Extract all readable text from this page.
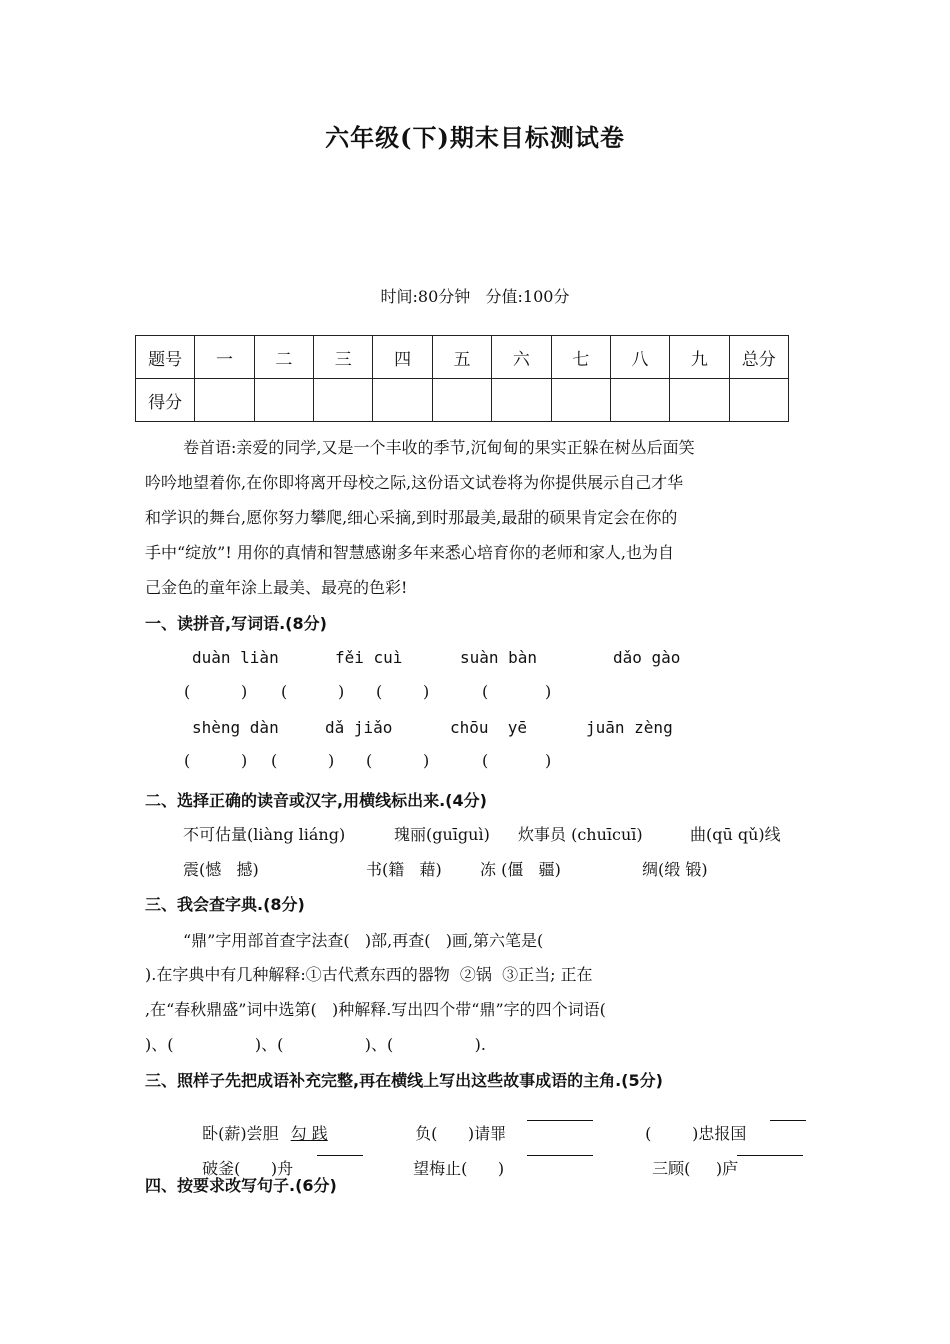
六年级(下)期末目标测试卷
时间:80分钟   分值:100分
题号	一	二	三	四	五	六	七	八	九	总分
得分										
卷首语:亲爱的同学,又是一个丰收的季节,沉甸甸的果实正躲在树丛后面笑
吟吟地望着你,在你即将离开母校之际,这份语文试卷将为你提供展示自己才华
和学识的舞台,愿你努力攀爬,细心采摘,到时那最美,最甜的硕果肯定会在你的
手中“绽放”! 用你的真情和智慧感谢多年来悉心培育你的老师和家人,也为自
己金色的童年涂上最美、最亮的色彩!
一、读拼音,写词语.(8分)
duàn liàn	fěi cuì	suàn bàn	dǎo gào
(	) (	) (	)	(	)
shèng dàn	dǎ jiǎo	chōu  yē	juān zèng
(	) (	) (	)	(	)
二、选择正确的读音或汉字,用横线标出来.(4分)
不可估量(liàng liáng)	瑰丽(guīguì) 炊事员 (chuīcuī)	曲(qū qǔ)线
震(憾   撼)	书(籍   藉) 冻 (僵   疆)	绸(缎 锻)
三、我会查字典.(8分)
“鼎”字用部首查字法查(   )部,再查(   )画,第六笔是(
).在字典中有几种解释:①古代煮东西的器物  ②锅  ③正当; 正在
,在“春秋鼎盛”词中选第(   )种解释.写出四个带“鼎”字的四个词语(
)、(                )、(                )、(                ).
三、照样子先把成语补充完整,再在横线上写出这些故事成语的主角.(5分)

卧(薪)尝胆 勾 践	负(      )请罪	(        )忠报国

破釜(      )舟	望梅止(      )	三顾(     )庐

四、按要求改写句子.(6分)
